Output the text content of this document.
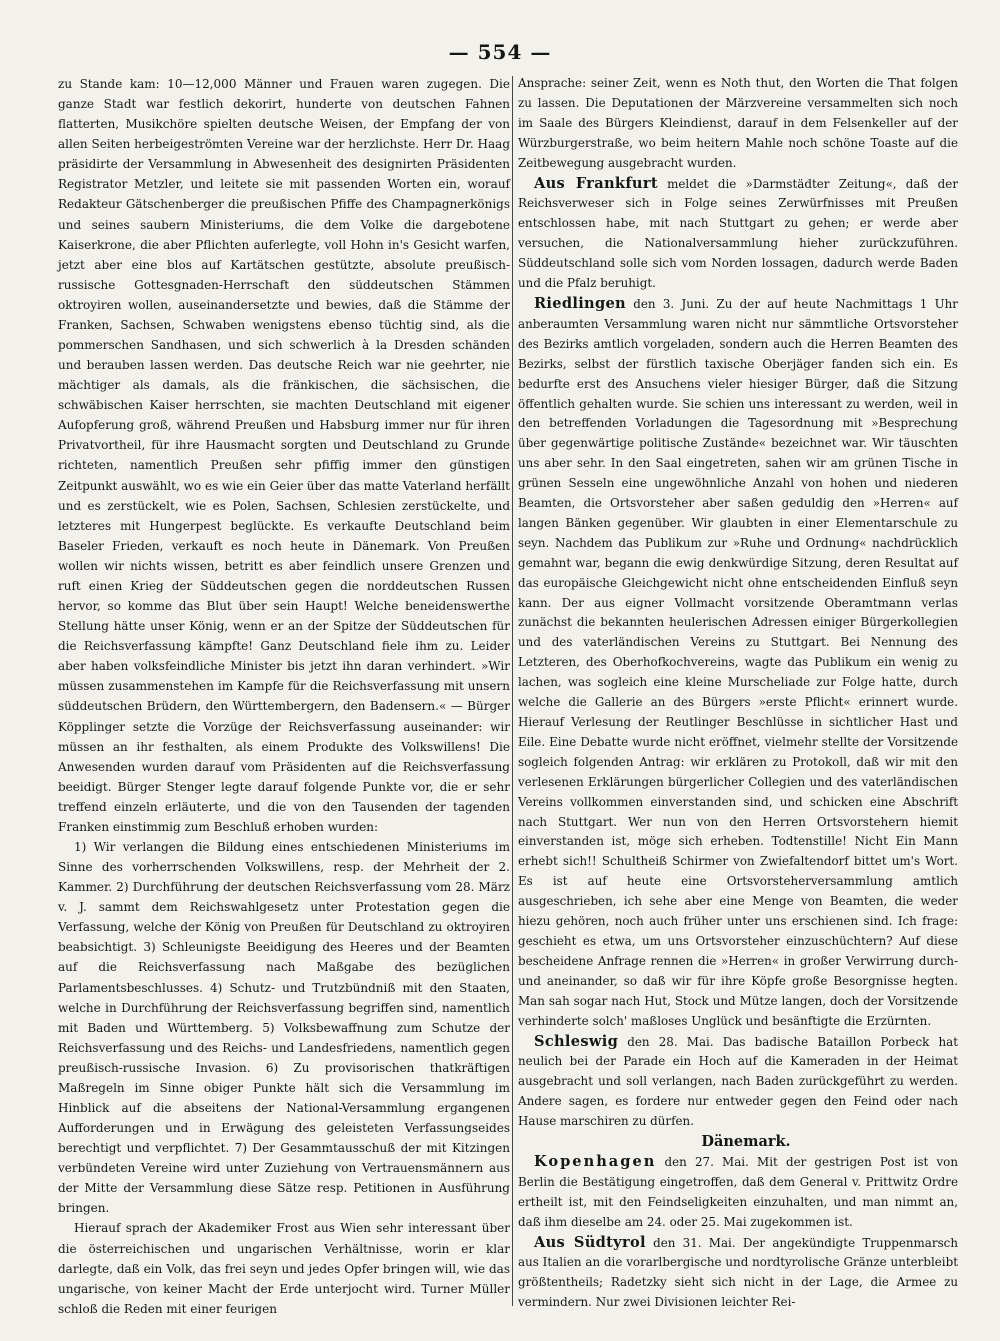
— 554 —

zu Stande kam: 10—12,000 Männer und Frauen waren zugegen. Die ganze Stadt war festlich dekorirt, hunderte von deutschen Fahnen flatterten, Musikchöre spielten deutsche Weisen, der Empfang der von allen Seiten herbeigeströmten Vereine war der herzlichste. Herr Dr. Haag präsidirte der Versammlung in Abwesenheit des designirten Präsidenten Registrator Metzler, und leitete sie mit passenden Worten ein, worauf Redakteur Gätschenberger die preußischen Pfiffe des Champagnerkönigs und seines saubern Ministeriums, die dem Volke die dargebotene Kaiserkrone, die aber Pflichten auferlegte, voll Hohn in's Gesicht warfen, jetzt aber eine blos auf Kartätschen gestützte, absolute preußisch-russische Gottesgnaden-Herrschaft den süddeutschen Stämmen oktroyiren wollen, auseinandersetzte und bewies, daß die Stämme der Franken, Sachsen, Schwaben wenigstens ebenso tüchtig sind, als die pommerschen Sandhasen, und sich schwerlich à la Dresden schänden und berauben lassen werden. Das deutsche Reich war nie geehrter, nie mächtiger als damals, als die fränkischen, die sächsischen, die schwäbischen Kaiser herrschten, sie machten Deutschland mit eigener Aufopferung groß, während Preußen und Habsburg immer nur für ihren Privatvortheil, für ihre Hausmacht sorgten und Deutschland zu Grunde richteten, namentlich Preußen sehr pfiffig immer den günstigen Zeitpunkt auswählt, wo es wie ein Geier über das matte Vaterland herfällt und es zerstückelt, wie es Polen, Sachsen, Schlesien zerstückelte, und letzteres mit Hungerpest beglückte. Es verkaufte Deutschland beim Baseler Frieden, verkauft es noch heute in Dänemark. Von Preußen wollen wir nichts wissen, betritt es aber feindlich unsere Grenzen und ruft einen Krieg der Süddeutschen gegen die norddeutschen Russen hervor, so komme das Blut über sein Haupt! Welche beneidenswerthe Stellung hätte unser König, wenn er an der Spitze der Süddeutschen für die Reichsverfassung kämpfte! Ganz Deutschland fiele ihm zu. Leider aber haben volksfeindliche Minister bis jetzt ihn daran verhindert. »Wir müssen zusammenstehen im Kampfe für die Reichsverfassung mit unsern süddeutschen Brüdern, den Württembergern, den Badensern.« — Bürger Köpplinger setzte die Vorzüge der Reichsverfassung auseinander: wir müssen an ihr festhalten, als einem Produkte des Volkswillens! Die Anwesenden wurden darauf vom Präsidenten auf die Reichsverfassung beeidigt. Bürger Stenger legte darauf folgende Punkte vor, die er sehr treffend einzeln erläuterte, und die von den Tausenden der tagenden Franken einstimmig zum Beschluß erhoben wurden:

1) Wir verlangen die Bildung eines entschiedenen Ministeriums im Sinne des vorherrschenden Volkswillens, resp. der Mehrheit der 2. Kammer. 2) Durchführung der deutschen Reichsverfassung vom 28. März v. J. sammt dem Reichswahlgesetz unter Protestation gegen die Verfassung, welche der König von Preußen für Deutschland zu oktroyiren beabsichtigt. 3) Schleunigste Beeidigung des Heeres und der Beamten auf die Reichsverfassung nach Maßgabe des bezüglichen Parlamentsbeschlusses. 4) Schutz- und Trutzbündniß mit den Staaten, welche in Durchführung der Reichsverfassung begriffen sind, namentlich mit Baden und Württemberg. 5) Volksbewaffnung zum Schutze der Reichsverfassung und des Reichs- und Landesfriedens, namentlich gegen preußisch-russische Invasion. 6) Zu provisorischen thatkräftigen Maßregeln im Sinne obiger Punkte hält sich die Versammlung im Hinblick auf die abseitens der National-Versammlung ergangenen Aufforderungen und in Erwägung des geleisteten Verfassungseides berechtigt und verpflichtet. 7) Der Gesammtausschuß der mit Kitzingen verbündeten Vereine wird unter Zuziehung von Vertrauensmännern aus der Mitte der Versammlung diese Sätze resp. Petitionen in Ausführung bringen.

Hierauf sprach der Akademiker Frost aus Wien sehr interessant über die österreichischen und ungarischen Verhältnisse, worin er klar darlegte, daß ein Volk, das frei seyn und jedes Opfer bringen will, wie das ungarische, von keiner Macht der Erde unterjocht wird. Turner Müller schloß die Reden mit einer feurigen

Ansprache: seiner Zeit, wenn es Noth thut, den Worten die That folgen zu lassen. Die Deputationen der Märzvereine versammelten sich noch im Saale des Bürgers Kleindienst, darauf in dem Felsenkeller auf der Würzburgerstraße, wo beim heitern Mahle noch schöne Toaste auf die Zeitbewegung ausgebracht wurden.

Aus Frankfurt meldet die »Darmstädter Zeitung«, daß der Reichsverweser sich in Folge seines Zerwürfnisses mit Preußen entschlossen habe, mit nach Stuttgart zu gehen; er werde aber versuchen, die Nationalversammlung hieher zurückzuführen. Süddeutschland solle sich vom Norden lossagen, dadurch werde Baden und die Pfalz beruhigt.

Riedlingen den 3. Juni. Zu der auf heute Nachmittags 1 Uhr anberaumten Versammlung waren nicht nur sämmtliche Ortsvorsteher des Bezirks amtlich vorgeladen, sondern auch die Herren Beamten des Bezirks, selbst der fürstlich taxische Oberjäger fanden sich ein. Es bedurfte erst des Ansuchens vieler hiesiger Bürger, daß die Sitzung öffentlich gehalten wurde. Sie schien uns interessant zu werden, weil in den betreffenden Vorladungen die Tagesordnung mit »Besprechung über gegenwärtige politische Zustände« bezeichnet war. Wir täuschten uns aber sehr. In den Saal eingetreten, sahen wir am grünen Tische in grünen Sesseln eine ungewöhnliche Anzahl von hohen und niederen Beamten, die Ortsvorsteher aber saßen geduldig den »Herren« auf langen Bänken gegenüber. Wir glaubten in einer Elementarschule zu seyn. Nachdem das Publikum zur »Ruhe und Ordnung« nachdrücklich gemahnt war, begann die ewig denkwürdige Sitzung, deren Resultat auf das europäische Gleichgewicht nicht ohne entscheidenden Einfluß seyn kann. Der aus eigner Vollmacht vorsitzende Oberamtmann verlas zunächst die bekannten heulerischen Adressen einiger Bürgerkollegien und des vaterländischen Vereins zu Stuttgart. Bei Nennung des Letzteren, des Oberhofkochvereins, wagte das Publikum ein wenig zu lachen, was sogleich eine kleine Murscheliade zur Folge hatte, durch welche die Gallerie an des Bürgers »erste Pflicht« erinnert wurde. Hierauf Verlesung der Reutlinger Beschlüsse in sichtlicher Hast und Eile. Eine Debatte wurde nicht eröffnet, vielmehr stellte der Vorsitzende sogleich folgenden Antrag: wir erklären zu Protokoll, daß wir mit den verlesenen Erklärungen bürgerlicher Collegien und des vaterländischen Vereins vollkommen einverstanden sind, und schicken eine Abschrift nach Stuttgart. Wer nun von den Herren Ortsvorstehern hiemit einverstanden ist, möge sich erheben. Todtenstille! Nicht Ein Mann erhebt sich!! Schultheiß Schirmer von Zwiefaltendorf bittet um's Wort. Es ist auf heute eine Ortsvorsteherversammlung amtlich ausgeschrieben, ich sehe aber eine Menge von Beamten, die weder hiezu gehören, noch auch früher unter uns erschienen sind. Ich frage: geschieht es etwa, um uns Ortsvorsteher einzuschüchtern? Auf diese bescheidene Anfrage rennen die »Herren« in großer Verwirrung durch- und aneinander, so daß wir für ihre Köpfe große Besorgnisse hegten. Man sah sogar nach Hut, Stock und Mütze langen, doch der Vorsitzende verhinderte solch' maßloses Unglück und besänftigte die Erzürnten.

Schleswig den 28. Mai. Das badische Bataillon Porbeck hat neulich bei der Parade ein Hoch auf die Kameraden in der Heimat ausgebracht und soll verlangen, nach Baden zurückgeführt zu werden. Andere sagen, es fordere nur entweder gegen den Feind oder nach Hause marschiren zu dürfen.

Dänemark.

Kopenhagen den 27. Mai. Mit der gestrigen Post ist von Berlin die Bestätigung eingetroffen, daß dem General v. Prittwitz Ordre ertheilt ist, mit den Feindseligkeiten einzuhalten, und man nimmt an, daß ihm dieselbe am 24. oder 25. Mai zugekommen ist.

Aus Südtyrol den 31. Mai. Der angekündigte Truppenmarsch aus Italien an die vorarlbergische und nordtyrolische Gränze unterbleibt größtentheils; Radetzky sieht sich nicht in der Lage, die Armee zu vermindern. Nur zwei Divisionen leichter Rei-
